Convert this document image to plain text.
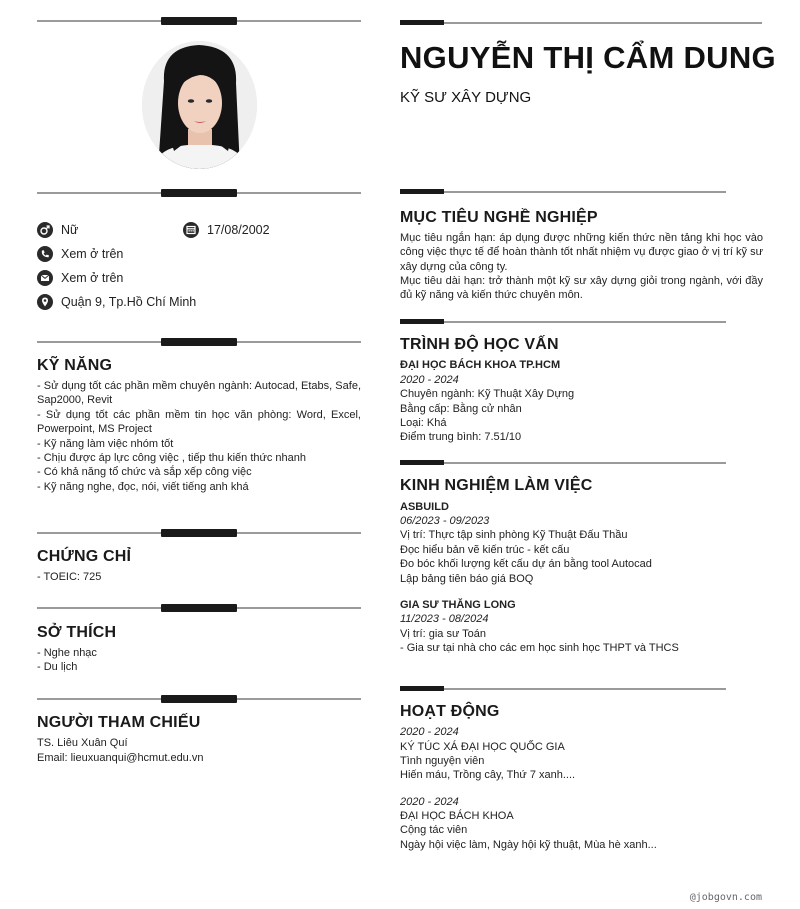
Nữ	17/08/2002
Xem ở trên
Xem ở trên
Quận 9, Tp.Hồ Chí Minh
KỸ NĂNG
- Sử dụng tốt các phần mềm chuyên ngành: Autocad, Etabs, Safe, Sap2000, Revit
- Sử dụng tốt các phần mềm tin học văn phòng: Word, Excel, Powerpoint, MS Project
- Kỹ năng làm việc nhóm tốt
- Chịu được áp lực công việc , tiếp thu kiến thức nhanh
- Có khả năng tổ chức và sắp xếp công việc
- Kỹ năng nghe, đọc, nói, viết tiếng anh khá
CHỨNG CHỈ
- TOEIC: 725
SỞ THÍCH
- Nghe nhạc
- Du lịch
NGƯỜI THAM CHIẾU
TS. Liêu Xuân Quí
Email: lieuxuanqui@hcmut.edu.vn
NGUYỄN THỊ CẨM DUNG
KỸ SƯ XÂY DỰNG
MỤC TIÊU NGHỀ NGHIỆP
Mục tiêu ngắn hạn: áp dụng được những kiến thức nền tảng khi học vào công việc thực tế để hoàn thành tốt nhất nhiệm vụ được giao ở vị trí kỹ sư xây dựng của công ty.
Mục tiêu dài hạn: trở thành một kỹ sư xây dựng giỏi trong ngành, với đầy đủ kỹ năng và kiến thức chuyên môn.
TRÌNH ĐỘ HỌC VẤN
ĐẠI HỌC BÁCH KHOA TP.HCM
2020 - 2024
Chuyên ngành: Kỹ Thuật Xây Dựng
Bằng cấp: Bằng cử nhân
Loại: Khá
Điểm trung bình: 7.51/10
KINH NGHIỆM LÀM VIỆC
ASBUILD
06/2023 - 09/2023
Vị trí: Thực tập sinh phòng Kỹ Thuật Đấu Thầu
Đọc hiểu bản vẽ kiến trúc - kết cấu
Đo bóc khối lượng kết cấu dự án bằng tool Autocad
Lập bảng tiên báo giá BOQ
GIA SƯ THĂNG LONG
11/2023 - 08/2024
Vị trí: gia sư Toán
- Gia sư tại nhà cho các em học sinh học THPT và THCS
HOẠT ĐỘNG
2020 - 2024
KÝ TÚC XÁ ĐẠI HỌC QUỐC GIA
Tình nguyện viên
Hiến máu, Trồng cây, Thứ 7 xanh....
2020 - 2024
ĐẠI HỌC BÁCH KHOA
Cộng tác viên
Ngày hội việc làm, Ngày hội kỹ thuật, Mùa hè xanh...
@jobgovn.com
